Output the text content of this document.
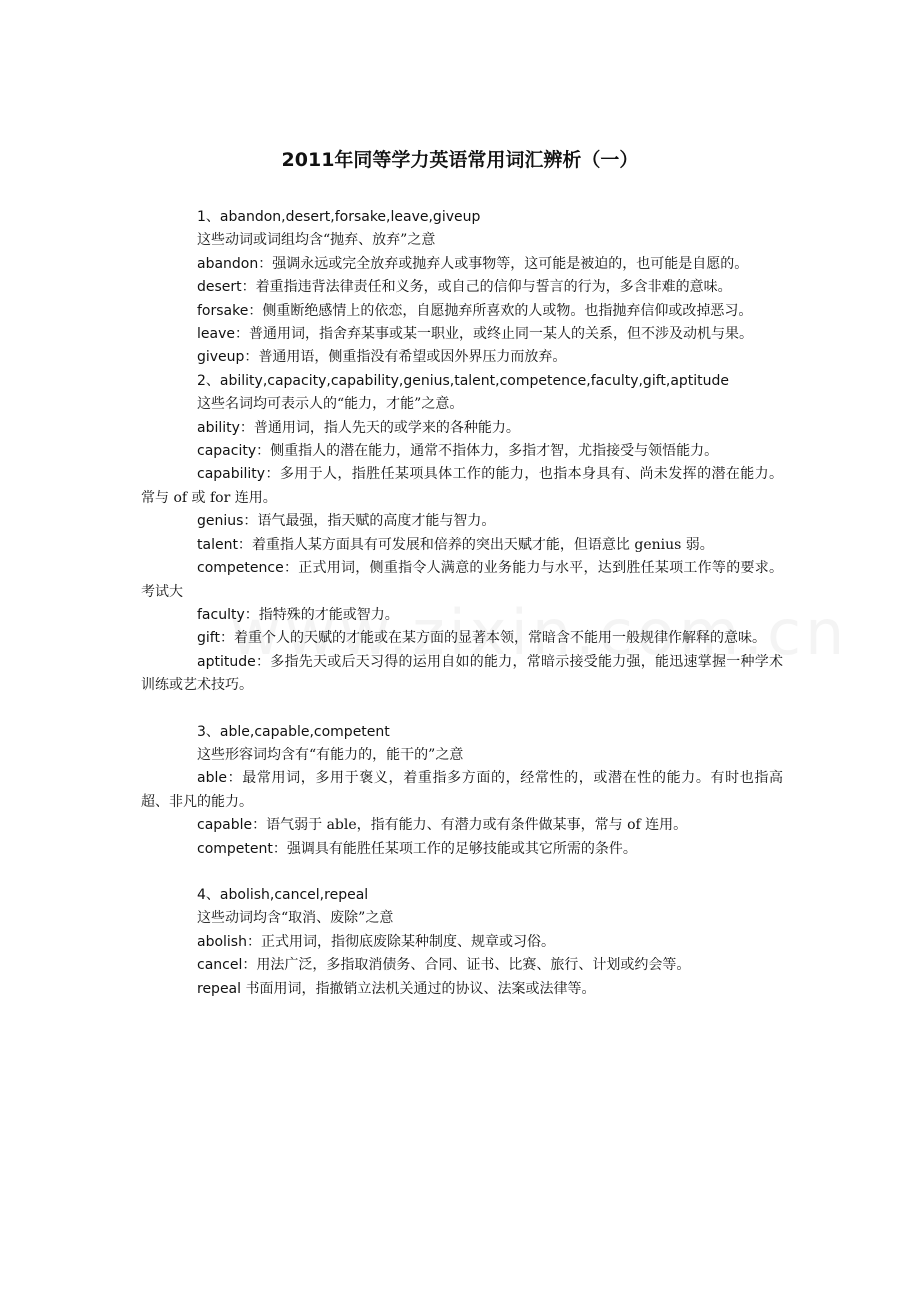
2011年同等学力英语常用词汇辨析（一）

1、abandon,desert,forsake,leave,giveup

这些动词或词组均含“抛弃、放弃”之意

abandon：强调永远或完全放弃或抛弃人或事物等，这可能是被迫的，也可能是自愿的。

desert：着重指违背法律责任和义务，或自己的信仰与誓言的行为，多含非难的意味。

forsake：侧重断绝感情上的依恋，自愿抛弃所喜欢的人或物。也指抛弃信仰或改掉恶习。

leave：普通用词，指舍弃某事或某一职业，或终止同一某人的关系，但不涉及动机与果。

giveup：普通用语，侧重指没有希望或因外界压力而放弃。

2、ability,capacity,capability,genius,talent,competence,faculty,gift,aptitude

这些名词均可表示人的“能力，才能”之意。

ability：普通用词，指人先天的或学来的各种能力。

capacity：侧重指人的潜在能力，通常不指体力，多指才智，尤指接受与领悟能力。

capability：多用于人，指胜任某项具体工作的能力，也指本身具有、尚未发挥的潜在能力。常与 of 或 for 连用。

genius：语气最强，指天赋的高度才能与智力。

talent：着重指人某方面具有可发展和倍养的突出天赋才能，但语意比 genius 弱。

competence：正式用词，侧重指令人满意的业务能力与水平，达到胜任某项工作等的要求。考试大

faculty：指特殊的才能或智力。

gift：着重个人的天赋的才能或在某方面的显著本领，常暗含不能用一般规律作解释的意味。

aptitude：多指先天或后天习得的运用自如的能力，常暗示接受能力强，能迅速掌握一种学术训练或艺术技巧。

3、able,capable,competent

这些形容词均含有“有能力的，能干的”之意

able：最常用词，多用于褒义，着重指多方面的，经常性的，或潜在性的能力。有时也指高超、非凡的能力。

capable：语气弱于 able，指有能力、有潜力或有条件做某事，常与 of 连用。

competent：强调具有能胜任某项工作的足够技能或其它所需的条件。

4、abolish,cancel,repeal

这些动词均含“取消、废除”之意

abolish：正式用词，指彻底废除某种制度、规章或习俗。

cancel：用法广泛，多指取消债务、合同、证书、比赛、旅行、计划或约会等。

repeal 书面用词，指撤销立法机关通过的协议、法案或法律等。
